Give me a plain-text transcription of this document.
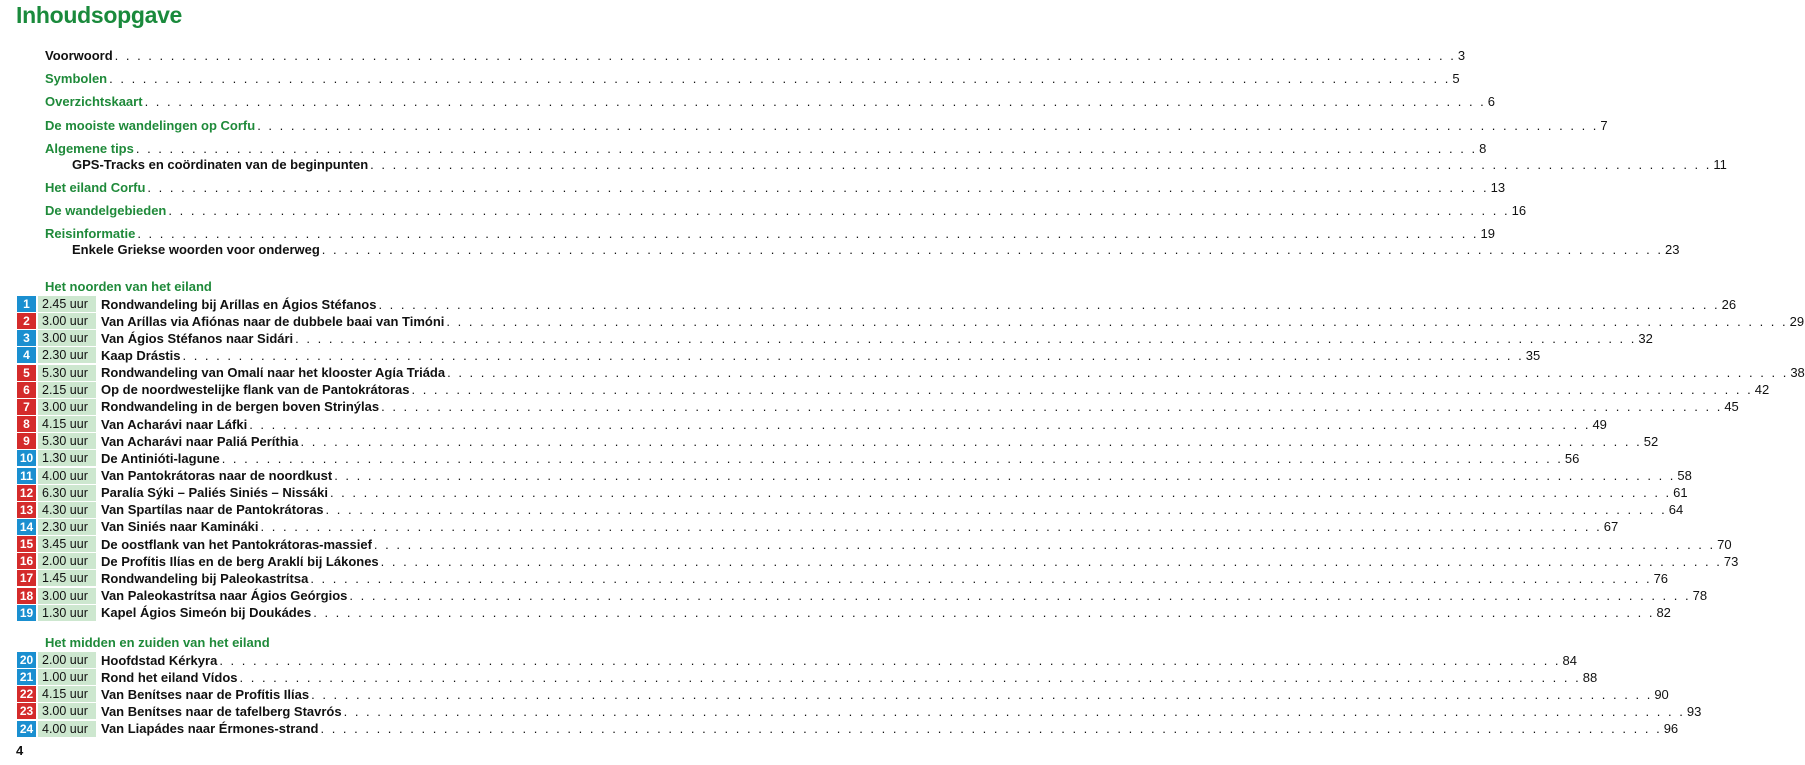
Inhoudsopgave
Voorwoord . . . . . . . . . . . . . . . . . . . . . . . . . . . . . . . . . . . . . . . . . . . . . . . . . . . . . . . . . . . . . . . . . . . . . . . . . . . . . . . . . . . . . . . . . . . . . . . . . . . . . . . . . . . . . . . . . . . . . . . . 3
Symbolen . . . . . . . . . . . . . . . . . . . . . . . . . . . . . . . . . . . . . . . . . . . . . . . . . . . . . . . . . . . . . . . . . . . . . . . . . . . . . . . . . . . . . . . . . . . . . . . . . . . . . . . . . . . . . . . . . . . . . . . . 5
Overzichtskaart . . . . . . . . . . . . . . . . . . . . . . . . . . . . . . . . . . . . . . . . . . . . . . . . . . . . . . . . . . . . . . . . . . . . . . . . . . . . . . . . . . . . . . . . . . . . . . . . . . . . . . . . . . . . . . . . . . . . . . . . 6
De mooiste wandelingen op Corfu . . . . . . . . . . . . . . . . . . . . . . . . . . . . . . . . . . . . . . . . . . . . . . . . . . . . . . . . . . . . . . . . . . . . . . . . . . . . . . . . . . . . . . . . . . . . . . . . . . . . . . . . . . . . . . . . . . . . . . . . 7
Algemene tips . . . . . . . . . . . . . . . . . . . . . . . . . . . . . . . . . . . . . . . . . . . . . . . . . . . . . . . . . . . . . . . . . . . . . . . . . . . . . . . . . . . . . . . . . . . . . . . . . . . . . . . . . . . . . . . . . . . . . . . . 8
GPS-Tracks en coördinaten van de beginpunten . . . . . . . . . . . . . . . . . . . . . . . . . . . . . . . . . . . . . . . . . . . . . . . . . . . . . . . . . . . . . . . . . . . . . . . . . . . . . . . . . . . . . . . . . . . . . . . . . . . . . . . . . . . . . . . . . . . . . . . . 11
Het eiland Corfu . . . . . . . . . . . . . . . . . . . . . . . . . . . . . . . . . . . . . . . . . . . . . . . . . . . . . . . . . . . . . . . . . . . . . . . . . . . . . . . . . . . . . . . . . . . . . . . . . . . . . . . . . . . . . . . . . . . . . . . . 13
De wandelgebieden . . . . . . . . . . . . . . . . . . . . . . . . . . . . . . . . . . . . . . . . . . . . . . . . . . . . . . . . . . . . . . . . . . . . . . . . . . . . . . . . . . . . . . . . . . . . . . . . . . . . . . . . . . . . . . . . . . . . . . . . 16
Reisinformatie . . . . . . . . . . . . . . . . . . . . . . . . . . . . . . . . . . . . . . . . . . . . . . . . . . . . . . . . . . . . . . . . . . . . . . . . . . . . . . . . . . . . . . . . . . . . . . . . . . . . . . . . . . . . . . . . . . . . . . . . 19
Enkele Griekse woorden voor onderweg . . . . . . . . . . . . . . . . . . . . . . . . . . . . . . . . . . . . . . . . . . . . . . . . . . . . . . . . . . . . . . . . . . . . . . . . . . . . . . . . . . . . . . . . . . . . . . . . . . . . . . . . . . . . . . . . . . . . . . . . 23
Het noorden van het eiland
1 2.45 uur	Rondwandeling bij Arίllas en Ágios Stéfanos . . . . . . . . . . . . . . . . . . . . . . . . . . . . . . . . . . . . . . . . . . . . . . . . . . . . . . . . . . . . . . . . . . . . . . . . . . . . . . . . . . . . . . . . . . . . . . . . . . . . . . . . . . . . . . . . . . . . . . . . 26
2 3.00 uur	Van Arίllas via Afiónas naar de dubbele baai van Timóni . . . . . . . . . . . . . . . . . . . . . . . . . . . . . . . . . . . . . . . . . . . . . . . . . . . . . . . . . . . . . . . . . . . . . . . . . . . . . . . . . . . . . . . . . . . . . . . . . . . . . . . . . . . . . . . . . . . . . . . . 29
3 3.00 uur	Van Ágios Stéfanos naar Sidári . . . . . . . . . . . . . . . . . . . . . . . . . . . . . . . . . . . . . . . . . . . . . . . . . . . . . . . . . . . . . . . . . . . . . . . . . . . . . . . . . . . . . . . . . . . . . . . . . . . . . . . . . . . . . . . . . . . . . . . . 32
4 2.30 uur	Kaap Drástis . . . . . . . . . . . . . . . . . . . . . . . . . . . . . . . . . . . . . . . . . . . . . . . . . . . . . . . . . . . . . . . . . . . . . . . . . . . . . . . . . . . . . . . . . . . . . . . . . . . . . . . . . . . . . . . . . . . . . . . . 35
5 5.30 uur	Rondwandeling van Omalί naar het klooster Agίa Triáda . . . . . . . . . . . . . . . . . . . . . . . . . . . . . . . . . . . . . . . . . . . . . . . . . . . . . . . . . . . . . . . . . . . . . . . . . . . . . . . . . . . . . . . . . . . . . . . . . . . . . . . . . . . . . . . . . . . . . . . . 38
6 2.15 uur	Op de noordwestelijke flank van de Pantokrátoras . . . . . . . . . . . . . . . . . . . . . . . . . . . . . . . . . . . . . . . . . . . . . . . . . . . . . . . . . . . . . . . . . . . . . . . . . . . . . . . . . . . . . . . . . . . . . . . . . . . . . . . . . . . . . . . . . . . . . . . . 42
7 3.00 uur	Rondwandeling in de bergen boven Strinýlas . . . . . . . . . . . . . . . . . . . . . . . . . . . . . . . . . . . . . . . . . . . . . . . . . . . . . . . . . . . . . . . . . . . . . . . . . . . . . . . . . . . . . . . . . . . . . . . . . . . . . . . . . . . . . . . . . . . . . . . . 45
8 4.15 uur	Van Acharávi naar Láfki . . . . . . . . . . . . . . . . . . . . . . . . . . . . . . . . . . . . . . . . . . . . . . . . . . . . . . . . . . . . . . . . . . . . . . . . . . . . . . . . . . . . . . . . . . . . . . . . . . . . . . . . . . . . . . . . . . . . . . . . 49
9 5.30 uur	Van Acharávi naar Paliá Períthia . . . . . . . . . . . . . . . . . . . . . . . . . . . . . . . . . . . . . . . . . . . . . . . . . . . . . . . . . . . . . . . . . . . . . . . . . . . . . . . . . . . . . . . . . . . . . . . . . . . . . . . . . . . . . . . . . . . . . . . . 52
10 1.30 uur	De Antinióti-lagune . . . . . . . . . . . . . . . . . . . . . . . . . . . . . . . . . . . . . . . . . . . . . . . . . . . . . . . . . . . . . . . . . . . . . . . . . . . . . . . . . . . . . . . . . . . . . . . . . . . . . . . . . . . . . . . . . . . . . . . . 56
11 4.00 uur	Van Pantokrátoras naar de noordkust . . . . . . . . . . . . . . . . . . . . . . . . . . . . . . . . . . . . . . . . . . . . . . . . . . . . . . . . . . . . . . . . . . . . . . . . . . . . . . . . . . . . . . . . . . . . . . . . . . . . . . . . . . . . . . . . . . . . . . . . 58
12 6.30 uur	Paralίa Sýki – Paliés Siniés – Nissáki . . . . . . . . . . . . . . . . . . . . . . . . . . . . . . . . . . . . . . . . . . . . . . . . . . . . . . . . . . . . . . . . . . . . . . . . . . . . . . . . . . . . . . . . . . . . . . . . . . . . . . . . . . . . . . . . . . . . . . . . 61
13 4.30 uur	Van Spartίlas naar de Pantokrátoras . . . . . . . . . . . . . . . . . . . . . . . . . . . . . . . . . . . . . . . . . . . . . . . . . . . . . . . . . . . . . . . . . . . . . . . . . . . . . . . . . . . . . . . . . . . . . . . . . . . . . . . . . . . . . . . . . . . . . . . . 64
14 2.30 uur	Van Siniés naar Kamináki . . . . . . . . . . . . . . . . . . . . . . . . . . . . . . . . . . . . . . . . . . . . . . . . . . . . . . . . . . . . . . . . . . . . . . . . . . . . . . . . . . . . . . . . . . . . . . . . . . . . . . . . . . . . . . . . . . . . . . . . 67
15 3.45 uur	De oostflank van het Pantokrátoras-massief . . . . . . . . . . . . . . . . . . . . . . . . . . . . . . . . . . . . . . . . . . . . . . . . . . . . . . . . . . . . . . . . . . . . . . . . . . . . . . . . . . . . . . . . . . . . . . . . . . . . . . . . . . . . . . . . . . . . . . . . 70
16 2.00 uur	De Profίtis Ilίas en de berg Araklί bij Lákones . . . . . . . . . . . . . . . . . . . . . . . . . . . . . . . . . . . . . . . . . . . . . . . . . . . . . . . . . . . . . . . . . . . . . . . . . . . . . . . . . . . . . . . . . . . . . . . . . . . . . . . . . . . . . . . . . . . . . . . . 73
17 1.45 uur	Rondwandeling bij Paleokastrίtsa . . . . . . . . . . . . . . . . . . . . . . . . . . . . . . . . . . . . . . . . . . . . . . . . . . . . . . . . . . . . . . . . . . . . . . . . . . . . . . . . . . . . . . . . . . . . . . . . . . . . . . . . . . . . . . . . . . . . . . . . 76
18 3.00 uur	Van Paleokastrίtsa naar Ágios Geórgios . . . . . . . . . . . . . . . . . . . . . . . . . . . . . . . . . . . . . . . . . . . . . . . . . . . . . . . . . . . . . . . . . . . . . . . . . . . . . . . . . . . . . . . . . . . . . . . . . . . . . . . . . . . . . . . . . . . . . . . . 78
19 1.30 uur	Kapel Ágios Simeón bij Doukádes . . . . . . . . . . . . . . . . . . . . . . . . . . . . . . . . . . . . . . . . . . . . . . . . . . . . . . . . . . . . . . . . . . . . . . . . . . . . . . . . . . . . . . . . . . . . . . . . . . . . . . . . . . . . . . . . . . . . . . . . 82
Het midden en zuiden van het eiland
20 2.00 uur	Hoofdstad Kérkyra . . . . . . . . . . . . . . . . . . . . . . . . . . . . . . . . . . . . . . . . . . . . . . . . . . . . . . . . . . . . . . . . . . . . . . . . . . . . . . . . . . . . . . . . . . . . . . . . . . . . . . . . . . . . . . . . . . . . . . . . 84
21 1.00 uur	Rond het eiland Vίdos . . . . . . . . . . . . . . . . . . . . . . . . . . . . . . . . . . . . . . . . . . . . . . . . . . . . . . . . . . . . . . . . . . . . . . . . . . . . . . . . . . . . . . . . . . . . . . . . . . . . . . . . . . . . . . . . . . . . . . . . 88
22 4.15 uur	Van Benίtses naar de Profίtis Ilίas . . . . . . . . . . . . . . . . . . . . . . . . . . . . . . . . . . . . . . . . . . . . . . . . . . . . . . . . . . . . . . . . . . . . . . . . . . . . . . . . . . . . . . . . . . . . . . . . . . . . . . . . . . . . . . . . . . . . . . . . 90
23 3.00 uur	Van Benίtses naar de tafelberg Stavrós . . . . . . . . . . . . . . . . . . . . . . . . . . . . . . . . . . . . . . . . . . . . . . . . . . . . . . . . . . . . . . . . . . . . . . . . . . . . . . . . . . . . . . . . . . . . . . . . . . . . . . . . . . . . . . . . . . . . . . . . 93
24 4.00 uur	Van Liapádes naar Érmones-strand . . . . . . . . . . . . . . . . . . . . . . . . . . . . . . . . . . . . . . . . . . . . . . . . . . . . . . . . . . . . . . . . . . . . . . . . . . . . . . . . . . . . . . . . . . . . . . . . . . . . . . . . . . . . . . . . . . . . . . . . 96
4
